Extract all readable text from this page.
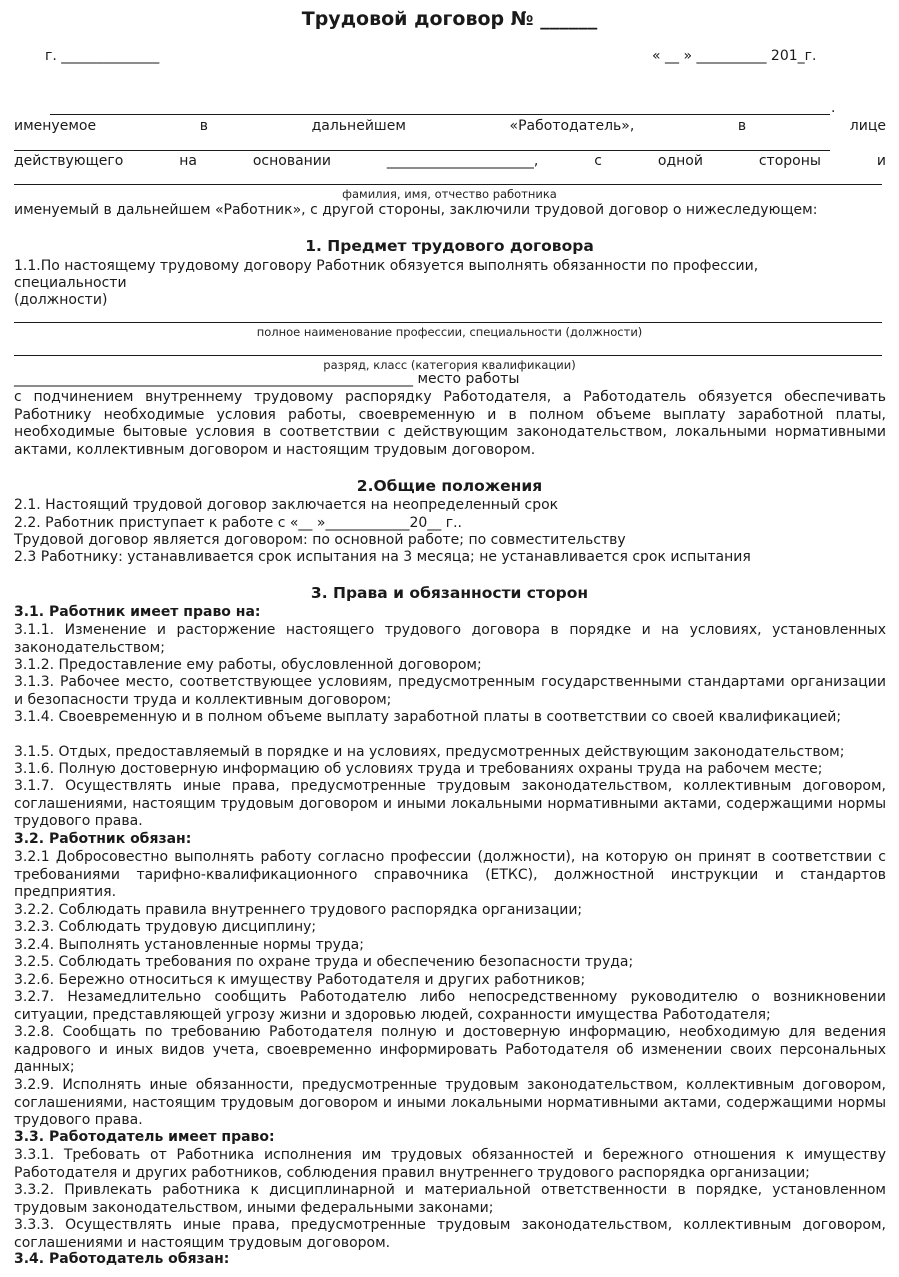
Трудовой договор № ______
г. ______________	« __ » __________ 201_г.
.
именуемое	в	дальнейшем	«Работодатель»,	в	лице
действующего	на	основании	_____________________,	с	одной	стороны	и
фамилия, имя, отчество работника
именуемый в дальнейшем «Работник», с другой стороны, заключили трудовой договор о нижеследующем:
1. Предмет трудового договора
1.1.По настоящему трудовому договору Работник обязуется выполнять обязанности по профессии,
специальности
(должности)
полное наименование профессии, специальности (должности)
разряд, класс (категория квалификации)
_________________________________________________________ место работы
с подчинением внутреннему трудовому распорядку Работодателя, а Работодатель обязуется обеспечивать Работнику необходимые условия работы, своевременную и в полном объеме выплату заработной платы, необходимые бытовые условия в соответствии с действующим законодательством, локальными нормативными актами, коллективным договором и настоящим трудовым договором.
2.Общие положения
2.1. Настоящий трудовой договор заключается на неопределенный срок
2.2. Работник приступает к работе с «__ »____________20__ г..
Трудовой договор является договором: по основной работе; по совместительству
2.3 Работнику: устанавливается срок испытания на 3 месяца; не устанавливается срок испытания
3. Права и обязанности сторон
3.1. Работник имеет право на:
3.1.1. Изменение и расторжение настоящего трудового договора в порядке и на условиях, установленных законодательством;
3.1.2. Предоставление ему работы, обусловленной договором;
3.1.3. Рабочее место, соответствующее условиям, предусмотренным государственными стандартами организации и безопасности труда и коллективным договором;
3.1.4. Своевременную и в полном объеме выплату заработной платы в соответствии со своей квалификацией;
3.1.5. Отдых, предоставляемый в порядке и на условиях, предусмотренных действующим законодательством;
3.1.6. Полную достоверную информацию об условиях труда и требованиях охраны труда на рабочем месте;
3.1.7. Осуществлять иные права, предусмотренные трудовым законодательством, коллективным договором, соглашениями, настоящим трудовым договором и иными локальными нормативными актами, содержащими нормы трудового права.
3.2. Работник обязан:
3.2.1 Добросовестно выполнять работу согласно профессии (должности), на которую он принят в соответствии с требованиями тарифно-квалификационного справочника (ЕТКС), должностной инструкции и стандартов предприятия.
3.2.2. Соблюдать правила внутреннего трудового распорядка организации;
3.2.3. Соблюдать трудовую дисциплину;
3.2.4. Выполнять установленные нормы труда;
3.2.5. Соблюдать требования по охране труда и обеспечению безопасности труда;
3.2.6. Бережно относиться к имуществу Работодателя и других работников;
3.2.7. Незамедлительно сообщить Работодателю либо непосредственному руководителю о возникновении ситуации, представляющей угрозу жизни и здоровью людей, сохранности имущества Работодателя;
3.2.8. Сообщать по требованию Работодателя полную и достоверную информацию, необходимую для ведения кадрового и иных видов учета, своевременно информировать Работодателя об изменении своих персональных данных;
3.2.9. Исполнять иные обязанности, предусмотренные трудовым законодательством, коллективным договором, соглашениями, настоящим трудовым договором и иными локальными нормативными актами, содержащими нормы трудового права.
3.3. Работодатель имеет право:
3.3.1. Требовать от Работника исполнения им трудовых обязанностей и бережного отношения к имуществу Работодателя и других работников, соблюдения правил внутреннего трудового распорядка организации;
3.3.2. Привлекать работника к дисциплинарной и материальной ответственности в порядке, установленном трудовым законодательством, иными федеральными законами;
3.3.3. Осуществлять иные права, предусмотренные трудовым законодательством, коллективным договором, соглашениями и настоящим трудовым договором.
3.4. Работодатель обязан:
